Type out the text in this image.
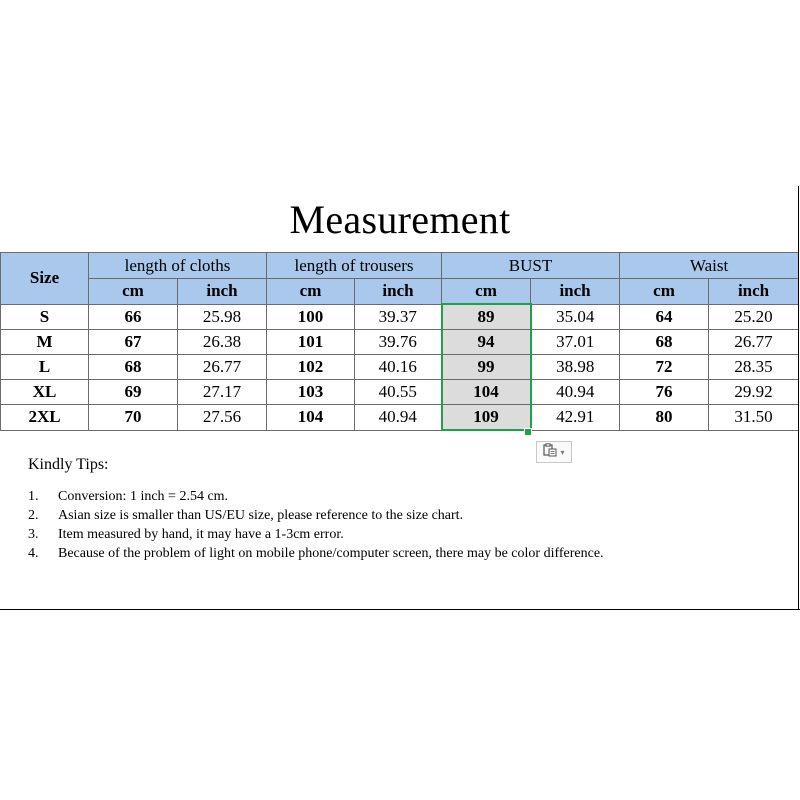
Measurement
Size	length of cloths		length of trousers		BUST		Waist	
	cm	inch	cm	inch	cm	inch	cm	inch
S	66	25.98	100	39.37	89	35.04	64	25.20
M	67	26.38	101	39.76	94	37.01	68	26.77
L	68	26.77	102	40.16	99	38.98	72	28.35
XL	69	27.17	103	40.55	104	40.94	76	29.92
2XL	70	27.56	104	40.94	109	42.91	80	31.50
▾
Kindly Tips:
1.	Conversion: 1 inch = 2.54 cm.
2.	Asian size is smaller than US/EU size, please reference to the size chart.
3.	Item measured by hand, it may have a 1-3cm error.
4.	Because of the problem of light on mobile phone/computer screen, there may be color difference.
